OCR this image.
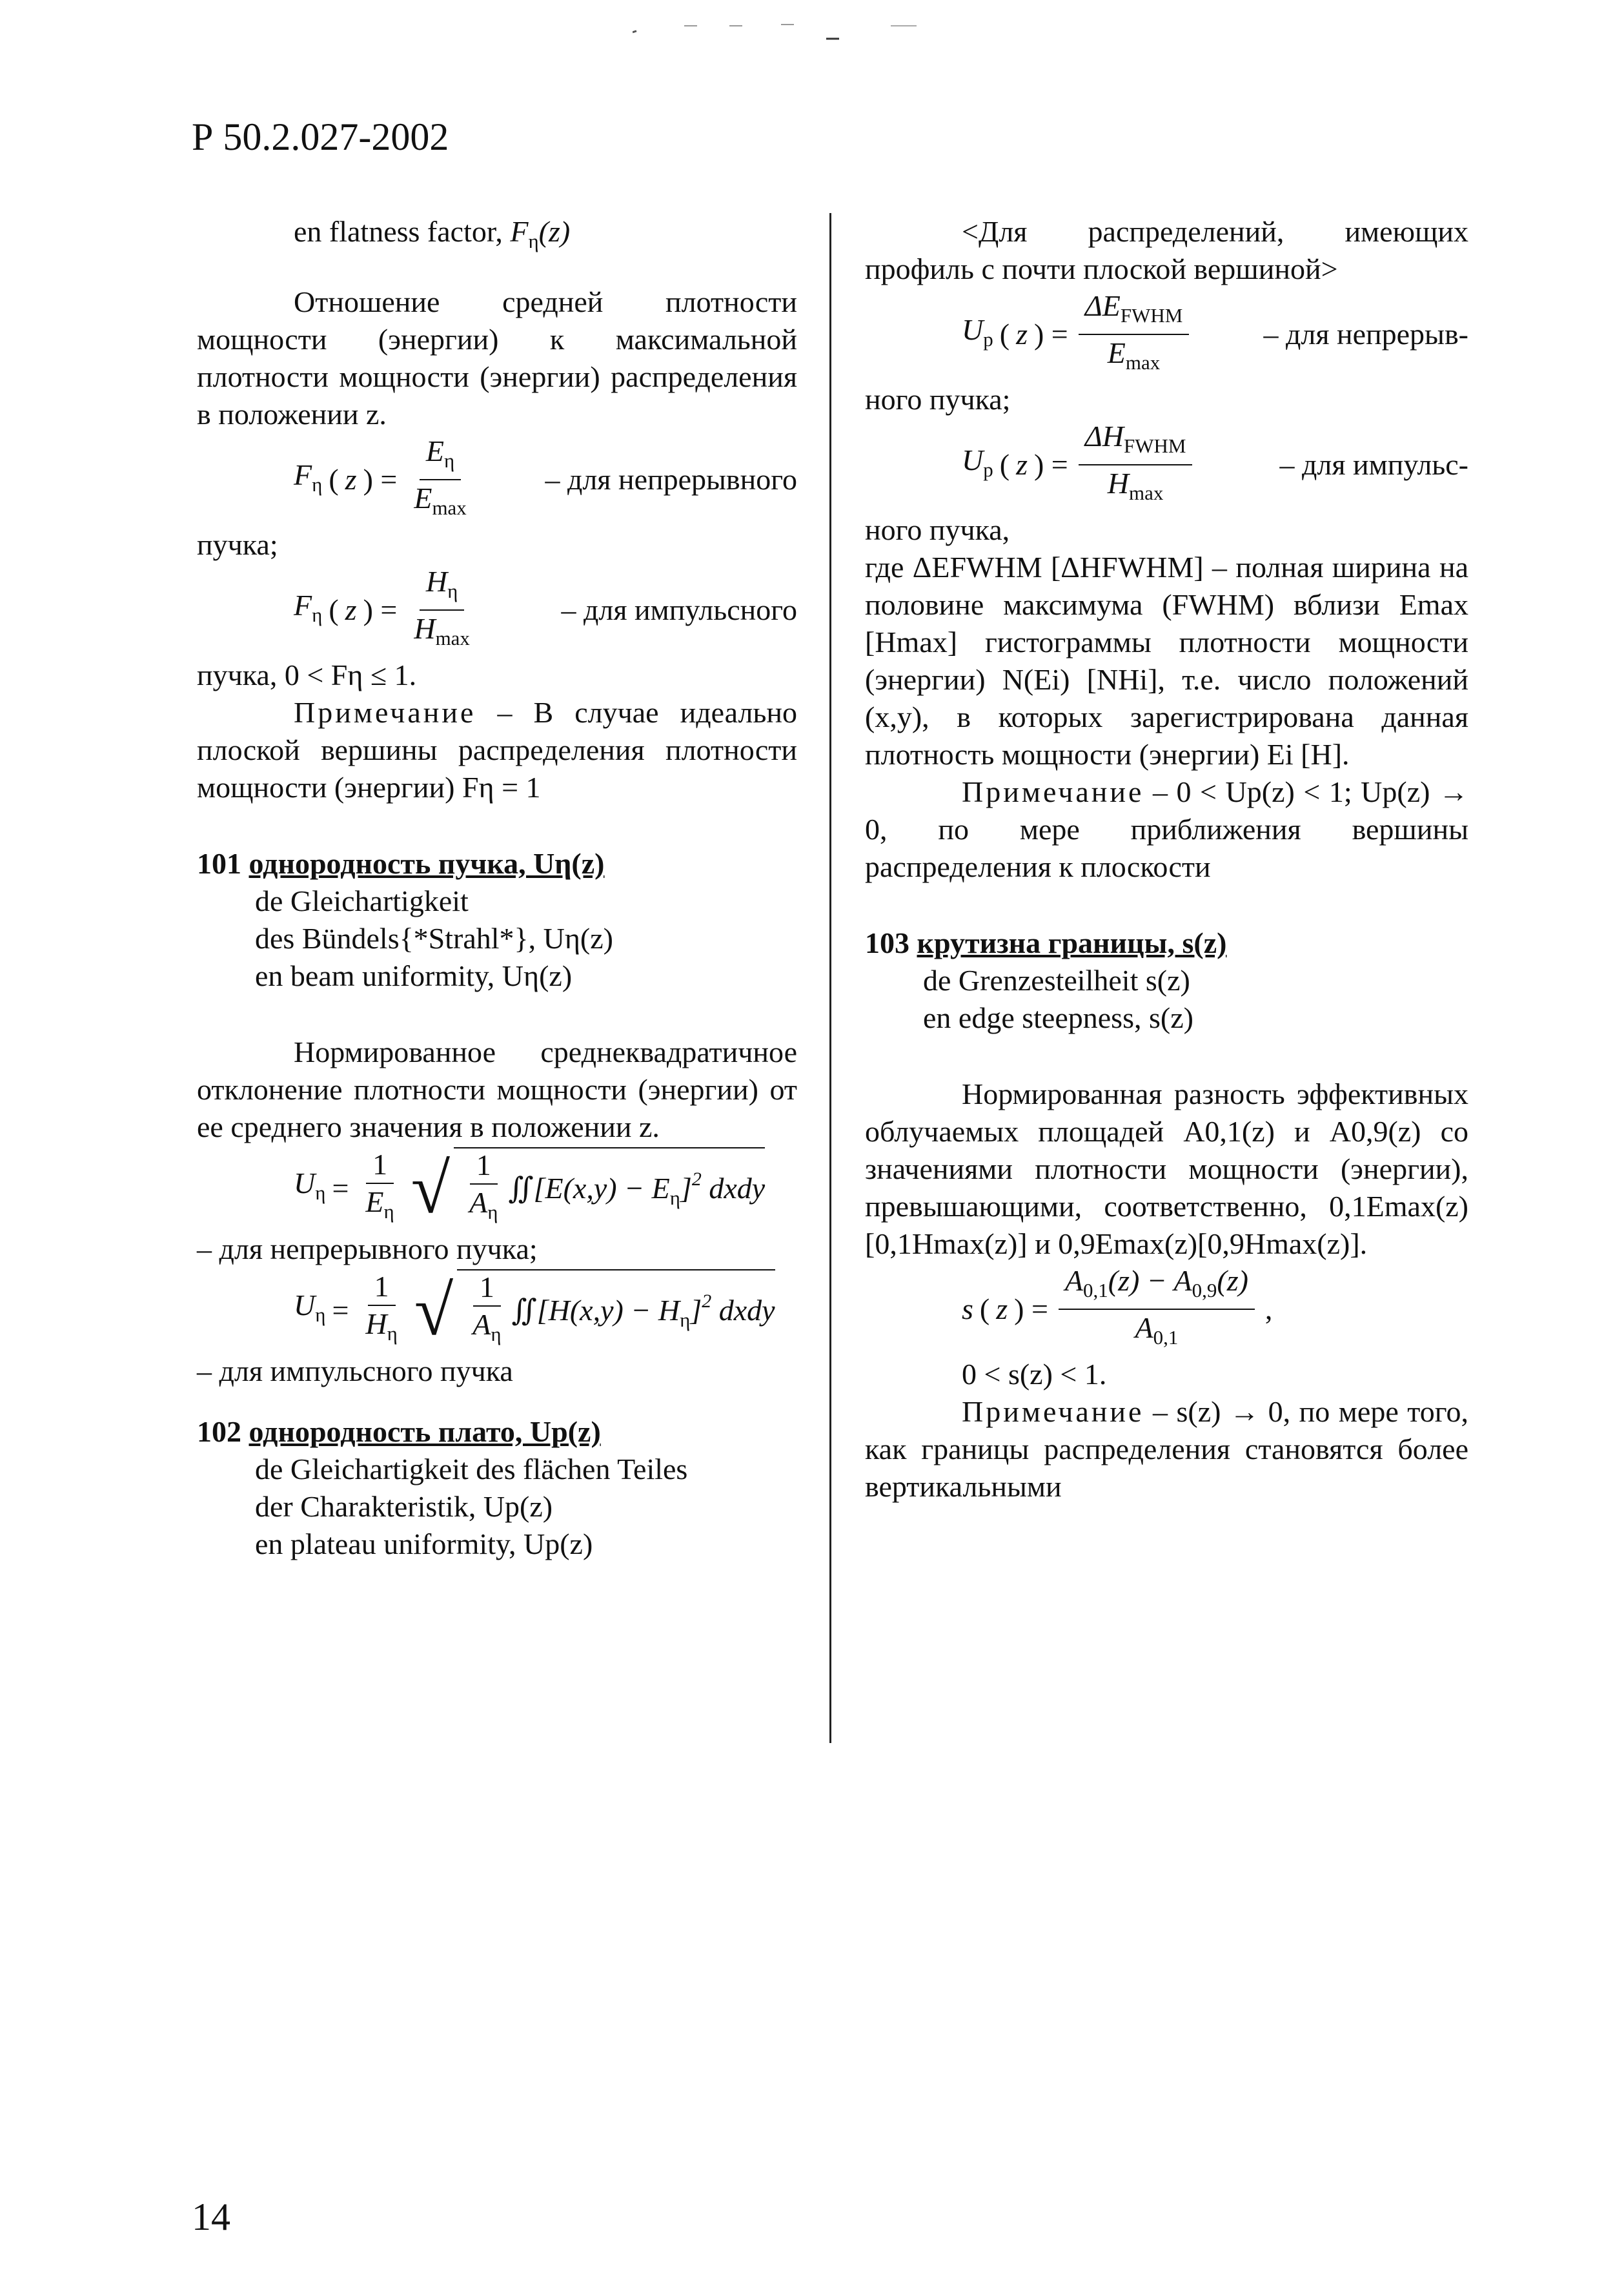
Р 50.2.027-2002

en flatness factor, $F_\eta(z)$

Отношение средней плотности мощности (энергии) к максимальной плотности мощности (энергии) распределения в положении z.

$F_\eta$ ( z ) = $\frac{E_\eta}{E_{max}}$ – для непрерывного

пучка;

$F_\eta$ ( z ) = $\frac{H_\eta}{H_{max}}$	– для импульсного

пучка, 0 < Fη ≤ 1.

Примечание – В случае идеально плоской вершины распределения плотности мощности (энергии) Fη = 1

101 однородность пучка, Uη(z)

de Gleichartigkeit

des Bündels{*Strahl*}, Uη(z)

en beam uniformity, Uη(z)

Нормированное среднеквадратичное отклонение плотности мощности (энергии) от ее среднего значения в положении z.

$U_\eta = \frac{1}{E_\eta}$ √ $\frac{1}{A_\eta}$ ∬[E(x,y) − $E_\eta]^2$ dxdy

– для непрерывного пучка;

$U_\eta = \frac{1}{H_\eta}$ √ $\frac{1}{A_\eta}$ ∬[H(x,y) − $H_\eta]^2$ dxdy

– для импульсного пучка

102 однородность плато, Up(z)

de Gleichartigkeit des flächen Teiles

der Charakteristik, Up(z)

en plateau uniformity, Up(z)

<Для распределений, имеющих профиль с почти плоской вершиной>

$U_p$ ( z ) = $\frac{\Delta E_{FWHM}}{E_{max}}$	– для непрерыв-

ного пучка;

$U_p$ ( z ) = $\frac{\Delta H_{FWHM}}{H_{max}}$	– для импульс-

ного пучка,

где ΔEFWHM [ΔHFWHM] – полная ширина на половине максимума (FWHM) вблизи Emax [Hmax] гистограммы плотности мощности (энергии) N(Ei) [NHi], т.е. число положений (x,y), в которых зарегистрирована данная плотность мощности (энергии) Ei [H].

Примечание – 0 < Up(z) < 1; Up(z) → 0, по мере приближения вершины распределения к плоскости

103 крутизна границы, s(z)

de Grenzesteilheit s(z)

en edge steepness, s(z)

Нормированная разность эффективных облучаемых площадей A0,1(z) и A0,9(z) со значениями плотности мощности (энергии), превышающими, соответственно, 0,1Emax(z)[0,1Hmax(z)] и 0,9Emax(z)[0,9Hmax(z)].

s ( z ) = $\frac{A_{0,1}(z) - A_{0,9}(z)}{A_{0,1}}$ ,

0 < s(z) < 1.

Примечание – s(z) → 0, по мере того, как границы распределения становятся более вертикальными

14
